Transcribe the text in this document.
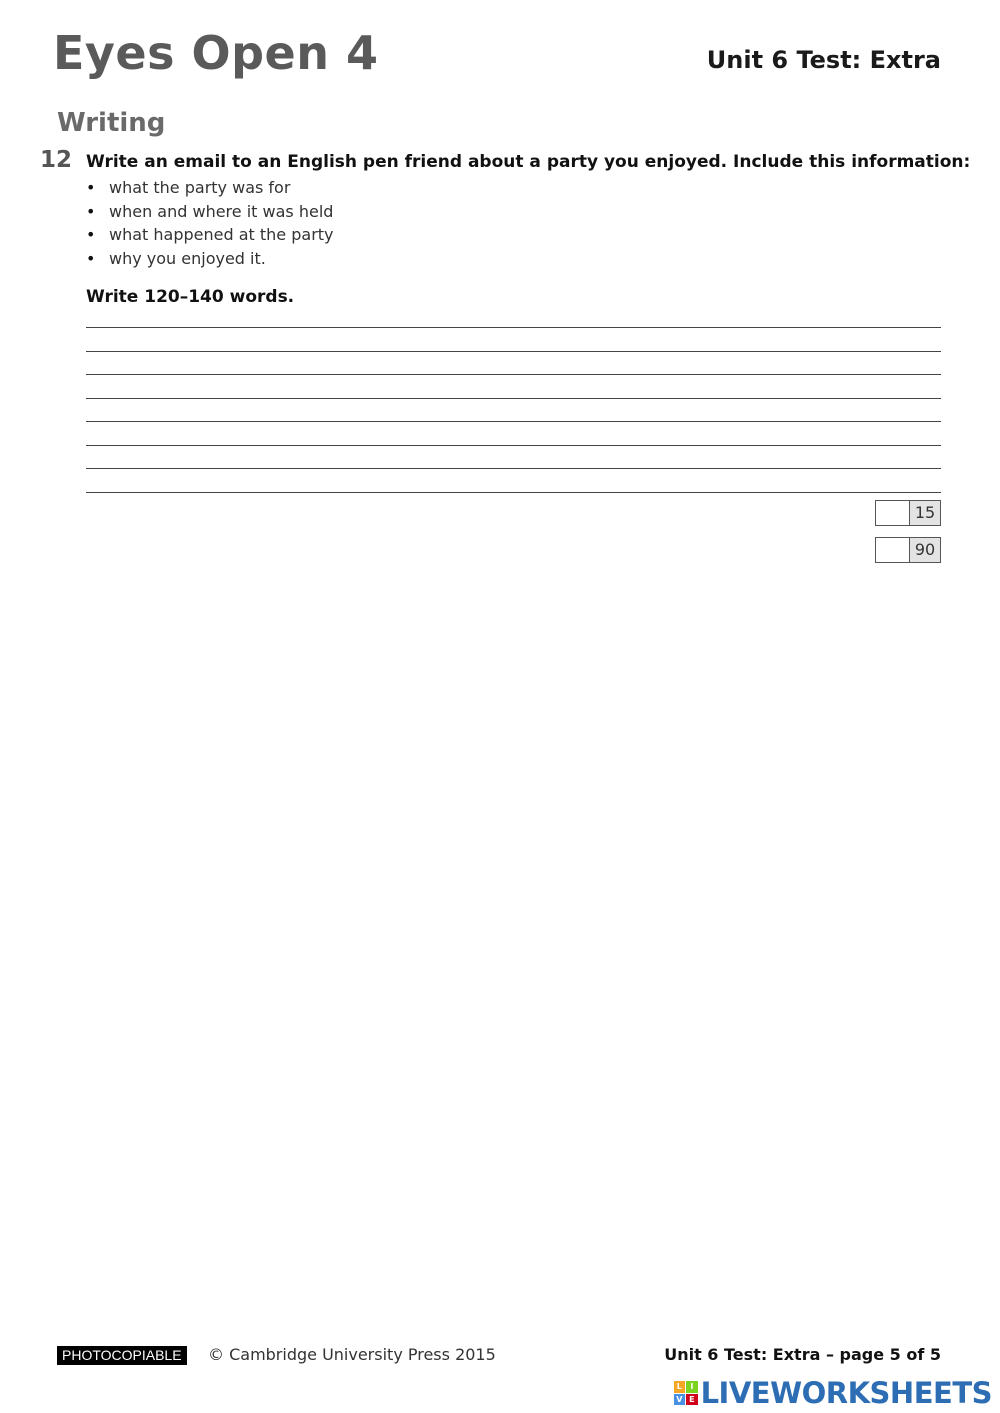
Eyes Open 4	Unit 6 Test: Extra
Writing
12 Write an email to an English pen friend about a party you enjoyed. Include this information:
• what the party was for
• when and where it was held
• what happened at the party
• why you enjoyed it.
Write 120–140 words.
15
90
PHOTOCOPIABLE	© Cambridge University Press 2015	Unit 6 Test: Extra – page 5 of 5
L	I
V E LIVEWORKSHEETS
